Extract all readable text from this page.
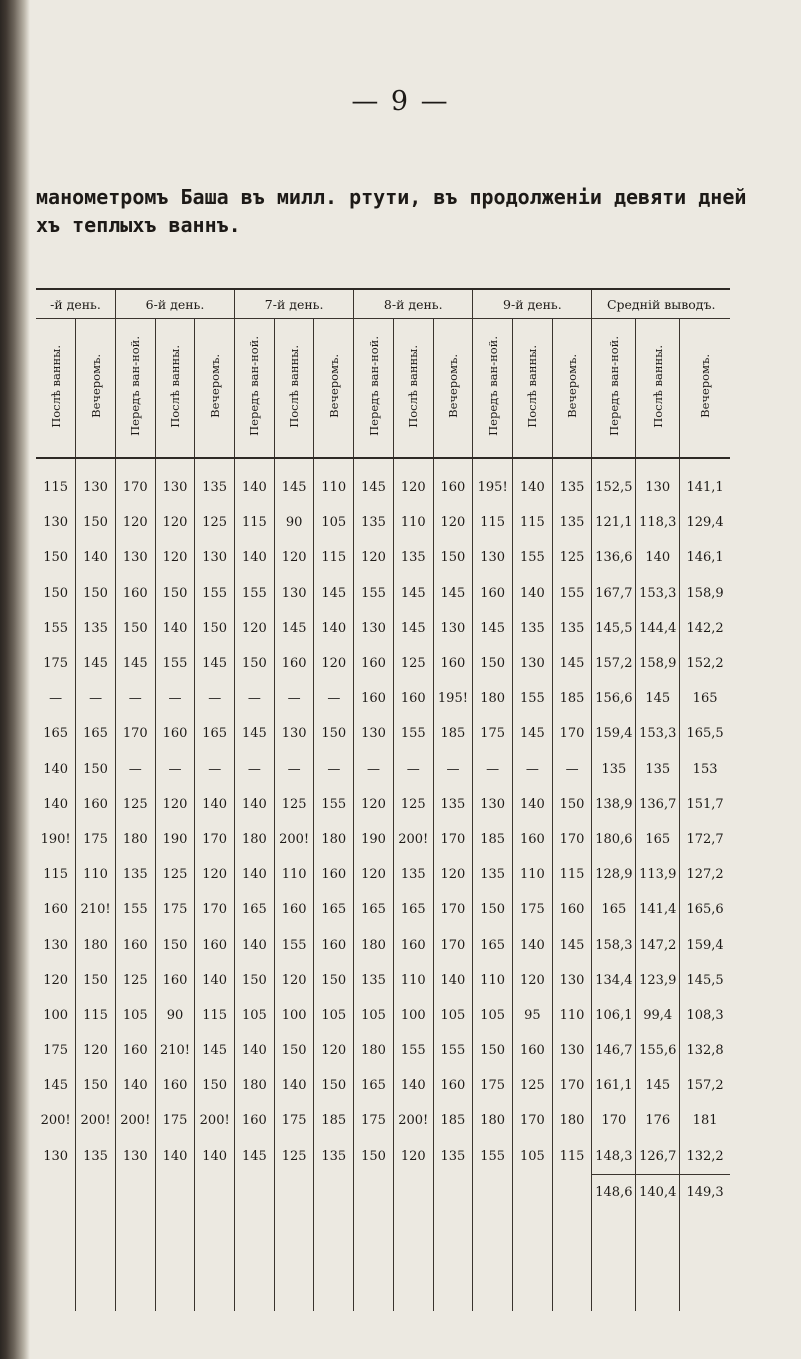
— 9 —
манометромъ Баша въ милл. ртути, въ продолженіи девяти дней
хъ теплыхъ ваннъ.
-й день.		6-й день.			7-й день.			8-й день.			9-й день.			Среднiй выводъ.		
Послѣ ванны.	Вечеромъ.	Передъ ван-ной.	Послѣ ванны.	Вечеромъ.	Передъ ван-ной.	Послѣ ванны.	Вечеромъ.	Передъ ван-ной.	Послѣ ванны.	Вечеромъ.	Передъ ван-ной.	Послѣ ванны.	Вечеромъ.	Передъ ван-ной.	Послѣ ванны.	Вечеромъ.

115	130	170	130	135	140	145	110	145	120	160	195!	140	135	152,5	130	141,1
130	150	120	120	125	115	90	105	135	110	120	115	115	135	121,1	118,3	129,4
150	140	130	120	130	140	120	115	120	135	150	130	155	125	136,6	140	146,1
150	150	160	150	155	155	130	145	155	145	145	160	140	155	167,7	153,3	158,9
155	135	150	140	150	120	145	140	130	145	130	145	135	135	145,5	144,4	142,2
175	145	145	155	145	150	160	120	160	125	160	150	130	145	157,2	158,9	152,2
—	—	—	—	—	—	—	—	160	160	195!	180	155	185	156,6	145	165
165	165	170	160	165	145	130	150	130	155	185	175	145	170	159,4	153,3	165,5
140	150	—	—	—	—	—	—	—	—	—	—	—	—	135	135	153
140	160	125	120	140	140	125	155	120	125	135	130	140	150	138,9	136,7	151,7
190!	175	180	190	170	180	200!	180	190	200!	170	185	160	170	180,6	165	172,7
115	110	135	125	120	140	110	160	120	135	120	135	110	115	128,9	113,9	127,2
160	210!	155	175	170	165	160	165	165	165	170	150	175	160	165	141,4	165,6
130	180	160	150	160	140	155	160	180	160	170	165	140	145	158,3	147,2	159,4
120	150	125	160	140	150	120	150	135	110	140	110	120	130	134,4	123,9	145,5
100	115	105	90	115	105	100	105	105	100	105	105	95	110	106,1	99,4	108,3
175	120	160	210!	145	140	150	120	180	155	155	150	160	130	146,7	155,6	132,8
145	150	140	160	150	180	140	150	165	140	160	175	125	170	161,1	145	157,2
200!	200!	200!	175	200!	160	175	185	175	200!	185	180	170	180	170	176	181
130	135	130	140	140	145	125	135	150	120	135	155	105	115	148,3	126,7	132,2
														148,6	140,4	149,3
